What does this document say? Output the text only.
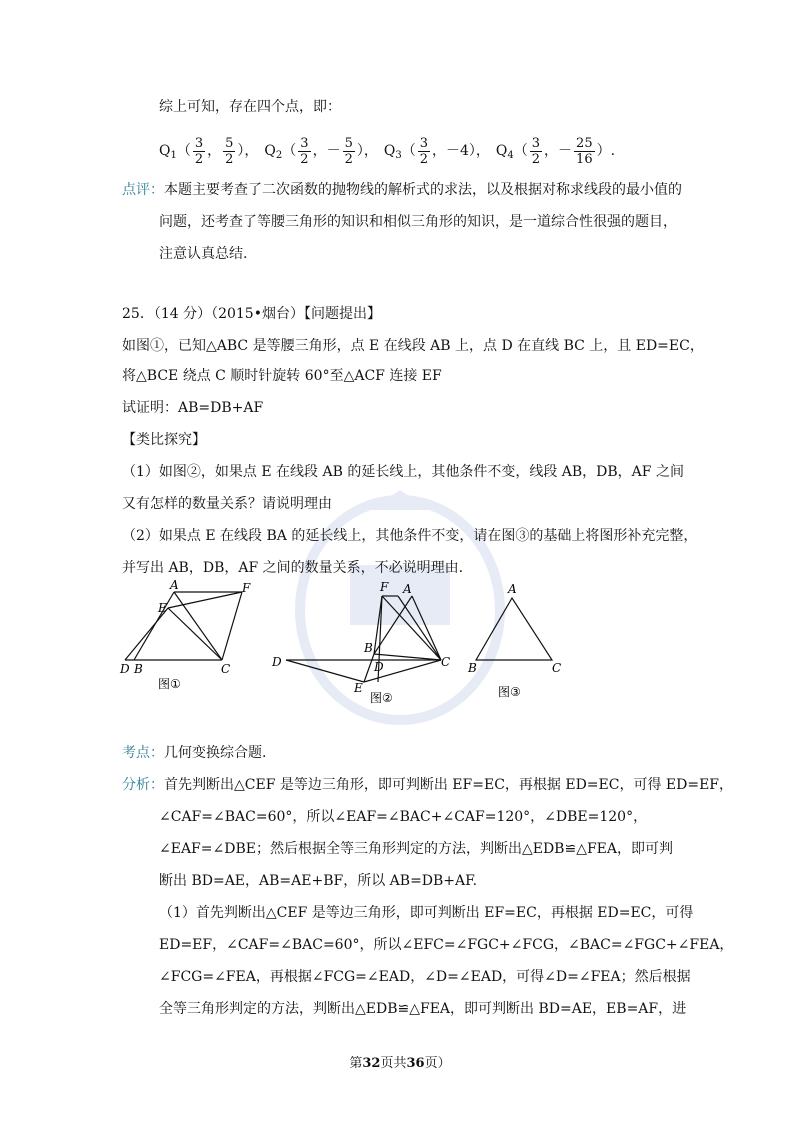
综上可知，存在四个点，即：
$Q_1( \frac{3}{2}$ ， $\frac{5}{2}$ ）， $Q_2( \frac{3}{2}$ ，－ $\frac{5}{2}$ ）， $Q_3( \frac{3}{2}$ ，－4）， $Q_4( \frac{3}{2}$ ，－ $\frac{25}{16}$ ）.
点评：本题主要考查了二次函数的抛物线的解析式的求法，以及根据对称求线段的最小值的
问题，还考查了等腰三角形的知识和相似三角形的知识，是一道综合性很强的题目，
注意认真总结.
25．（14 分）（2015•烟台）【问题提出】
如图①，已知△ABC 是等腰三角形，点 E 在线段 AB 上，点 D 在直线 BC 上，且 ED=EC，
将△BCE 绕点 C 顺时针旋转 60°至△ACF 连接 EF
试证明：AB=DB+AF
【类比探究】
（1）如图②，如果点 E 在线段 AB 的延长线上，其他条件不变，线段 AB，DB，AF 之间
又有怎样的数量关系？请说明理由
（2）如果点 E 在线段 BA 的延长线上，其他条件不变，请在图③的基础上将图形补充完整，
并写出 AB，DB，AF 之间的数量关系，不必说明理由.
A	F
E
D B	C
图①
F A
B
D	D	C
E
图②
A
B	C
图③
考点：几何变换综合题.
分析：首先判断出△CEF 是等边三角形，即可判断出 EF=EC，再根据 ED=EC，可得 ED=EF，
∠CAF=∠BAC=60°，所以∠EAF=∠BAC+∠CAF=120°，∠DBE=120°，
∠EAF=∠DBE；然后根据全等三角形判定的方法，判断出△EDB≌△FEA，即可判
断出 BD=AE，AB=AE+BF，所以 AB=DB+AF.
（1）首先判断出△CEF 是等边三角形，即可判断出 EF=EC，再根据 ED=EC，可得
ED=EF，∠CAF=∠BAC=60°，所以∠EFC=∠FGC+∠FCG，∠BAC=∠FGC+∠FEA，
∠FCG=∠FEA，再根据∠FCG=∠EAD，∠D=∠EAD，可得∠D=∠FEA；然后根据
全等三角形判定的方法，判断出△EDB≌△FEA，即可判断出 BD=AE，EB=AF，进
第32页共36页）
